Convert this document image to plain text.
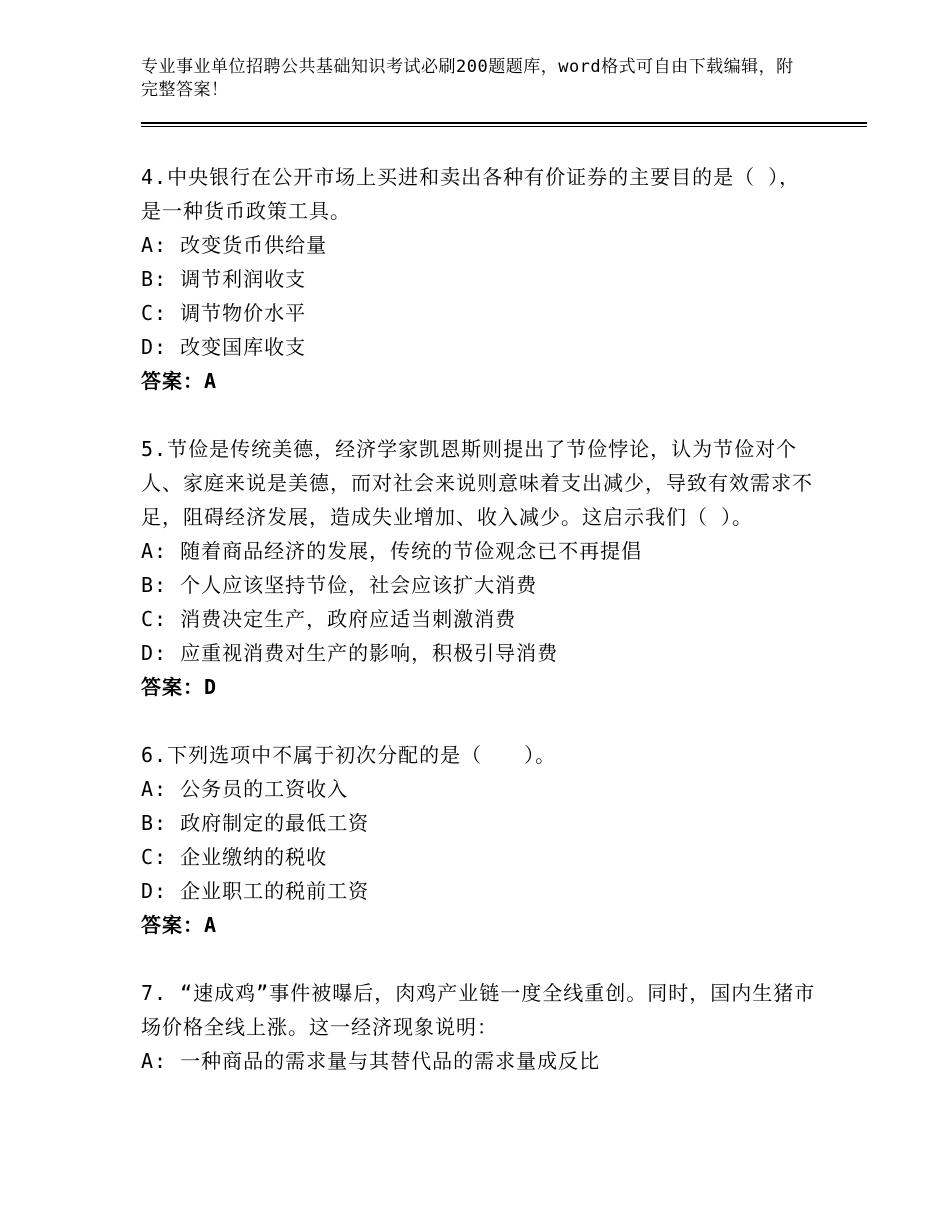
专业事业单位招聘公共基础知识考试必刷200题题库，word格式可自由下载编辑，附完整答案！

4.中央银行在公开市场上买进和卖出各种有价证券的主要目的是（ ），是一种货币政策工具。

A: 改变货币供给量

B: 调节利润收支

C: 调节物价水平

D: 改变国库收支

答案：A

5.节俭是传统美德，经济学家凯恩斯则提出了节俭悖论，认为节俭对个人、家庭来说是美德，而对社会来说则意味着支出减少，导致有效需求不足，阻碍经济发展，造成失业增加、收入减少。这启示我们（ ）。

A: 随着商品经济的发展，传统的节俭观念已不再提倡

B: 个人应该坚持节俭，社会应该扩大消费

C: 消费决定生产，政府应适当刺激消费

D: 应重视消费对生产的影响，积极引导消费

答案：D

6.下列选项中不属于初次分配的是（　　）。

A: 公务员的工资收入

B: 政府制定的最低工资

C: 企业缴纳的税收

D: 企业职工的税前工资

答案：A

7. “速成鸡”事件被曝后，肉鸡产业链一度全线重创。同时，国内生猪市场价格全线上涨。这一经济现象说明：

A: 一种商品的需求量与其替代品的需求量成反比
